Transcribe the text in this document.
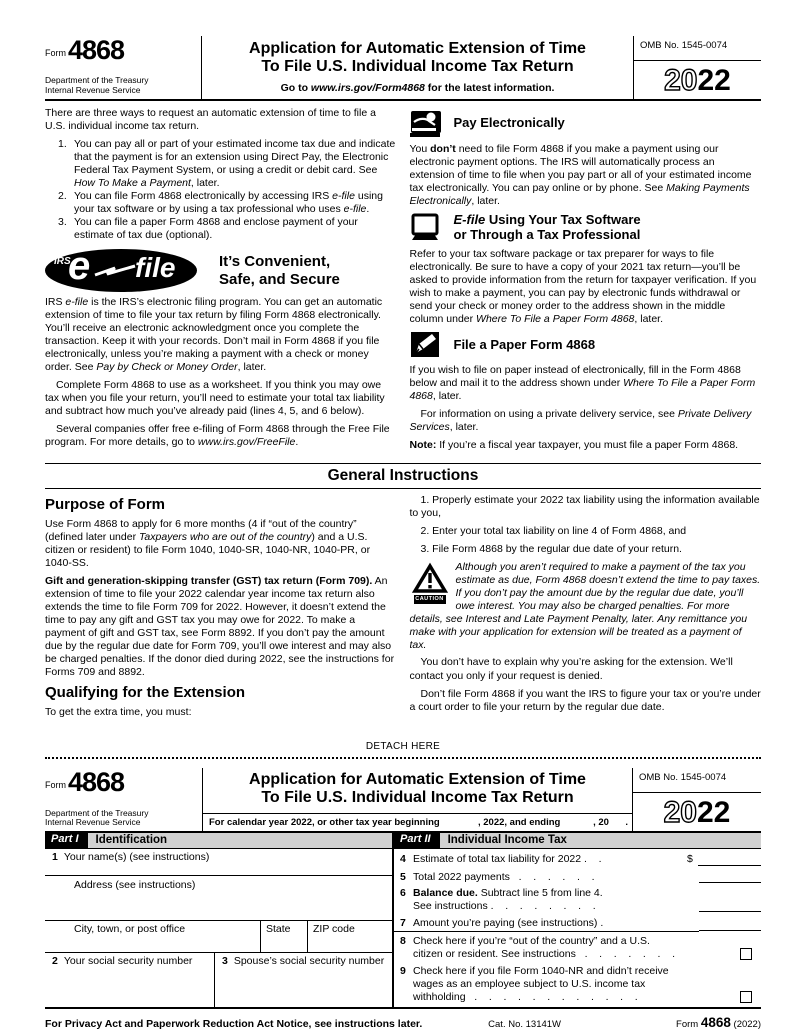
Form 4868
Department of the Treasury
Internal Revenue Service
Application for Automatic Extension of Time
To File U.S. Individual Income Tax Return
Go to www.irs.gov/Form4868 for the latest information.
OMB No. 1545-0074
2022
There are three ways to request an automatic extension of time to file a U.S. individual income tax return.
1. You can pay all or part of your estimated income tax due and indicate that the payment is for an extension using Direct Pay, the Electronic Federal Tax Payment System, or using a credit or debit card. See How To Make a Payment, later.
2. You can file Form 4868 electronically by accessing IRS e-file using your tax software or by using a tax professional who uses e-file.
3. You can file a paper Form 4868 and enclose payment of your estimate of tax due (optional).
IRS
e file	It’s Convenient,
Safe, and Secure
IRS e-file is the IRS’s electronic filing program. You can get an automatic extension of time to file your tax return by filing Form 4868 electronically. You’ll receive an electronic acknowledgment once you complete the transaction. Keep it with your records. Don’t mail in Form 4868 if you file electronically, unless you’re making a payment with a check or money order. See Pay by Check or Money Order, later.
Complete Form 4868 to use as a worksheet. If you think you may owe tax when you file your return, you’ll need to estimate your total tax liability and subtract how much you’ve already paid (lines 4, 5, and 6 below).
Several companies offer free e-filing of Form 4868 through the Free File program. For more details, go to www.irs.gov/FreeFile.
Pay Electronically
You don’t need to file Form 4868 if you make a payment using our electronic payment options. The IRS will automatically process an extension of time to file when you pay part or all of your estimated income tax electronically. You can pay online or by phone. See Making Payments Electronically, later.
E-file Using Your Tax Software
or Through a Tax Professional
Refer to your tax software package or tax preparer for ways to file electronically. Be sure to have a copy of your 2021 tax return—you’ll be asked to provide information from the return for taxpayer verification. If you wish to make a payment, you can pay by electronic funds withdrawal or send your check or money order to the address shown in the middle column under Where To File a Paper Form 4868, later.
File a Paper Form 4868
If you wish to file on paper instead of electronically, fill in the Form 4868 below and mail it to the address shown under Where To File a Paper Form 4868, later.
For information on using a private delivery service, see Private Delivery Services, later.
Note: If you’re a fiscal year taxpayer, you must file a paper Form 4868.
General Instructions
Purpose of Form
Use Form 4868 to apply for 6 more months (4 if “out of the country” (defined later under Taxpayers who are out of the country) and a U.S. citizen or resident) to file Form 1040, 1040-SR, 1040-NR, 1040-PR, or 1040-SS.
Gift and generation-skipping transfer (GST) tax return (Form 709). An extension of time to file your 2022 calendar year income tax return also extends the time to file Form 709 for 2022. However, it doesn’t extend the time to pay any gift and GST tax you may owe for 2022. To make a payment of gift and GST tax, see Form 8892. If you don’t pay the amount due by the regular due date for Form 709, you’ll owe interest and may also be charged penalties. If the donor died during 2022, see the instructions for Forms 709 and 8892.
Qualifying for the Extension
To get the extra time, you must:
1. Properly estimate your 2022 tax liability using the information available to you,
2. Enter your total tax liability on line 4 of Form 4868, and
3. File Form 4868 by the regular due date of your return.
CAUTION
Although you aren’t required to make a payment of the tax you estimate as due, Form 4868 doesn’t extend the time to pay taxes. If you don’t pay the amount due by the regular due date, you’ll owe interest. You may also be charged penalties. For more details, see Interest and Late Payment Penalty, later. Any remittance you make with your application for extension will be treated as a payment of tax.
You don’t have to explain why you’re asking for the extension. We’ll contact you only if your request is denied.
Don’t file Form 4868 if you want the IRS to figure your tax or you’re under a court order to file your return by the regular due date.
DETACH HERE
Form 4868
Department of the Treasury
Internal Revenue Service
Application for Automatic Extension of Time
To File U.S. Individual Income Tax Return
For calendar year 2022, or other tax year beginning	, 2022, and ending	, 20 .
OMB No. 1545-0074
2022
Part I	Identification
1 Your name(s) (see instructions)
Address (see instructions)
City, town, or post office	State	ZIP code
2 Your social security number	3 Spouse’s social security number
Part II	Individual Income Tax
4 Estimate of total tax liability for 2022 .    .	$
5 Total 2022 payments   .    .    .    .    .    .
6 Balance due. Subtract line 5 from line 4.
See instructions .    .    .    .    .    .    .    .
7 Amount you’re paying (see instructions) .
8 Check here if you’re “out of the country” and a U.S.
citizen or resident. See instructions   .    .    .    .    .    .    .
9 Check here if you file Form 1040-NR and didn’t receive
wages as an employee subject to U.S. income tax
withholding   .    .    .    .    .    .    .    .    .    .    .    .
For Privacy Act and Paperwork Reduction Act Notice, see instructions later.	Cat. No. 13141W	Form 4868 (2022)
